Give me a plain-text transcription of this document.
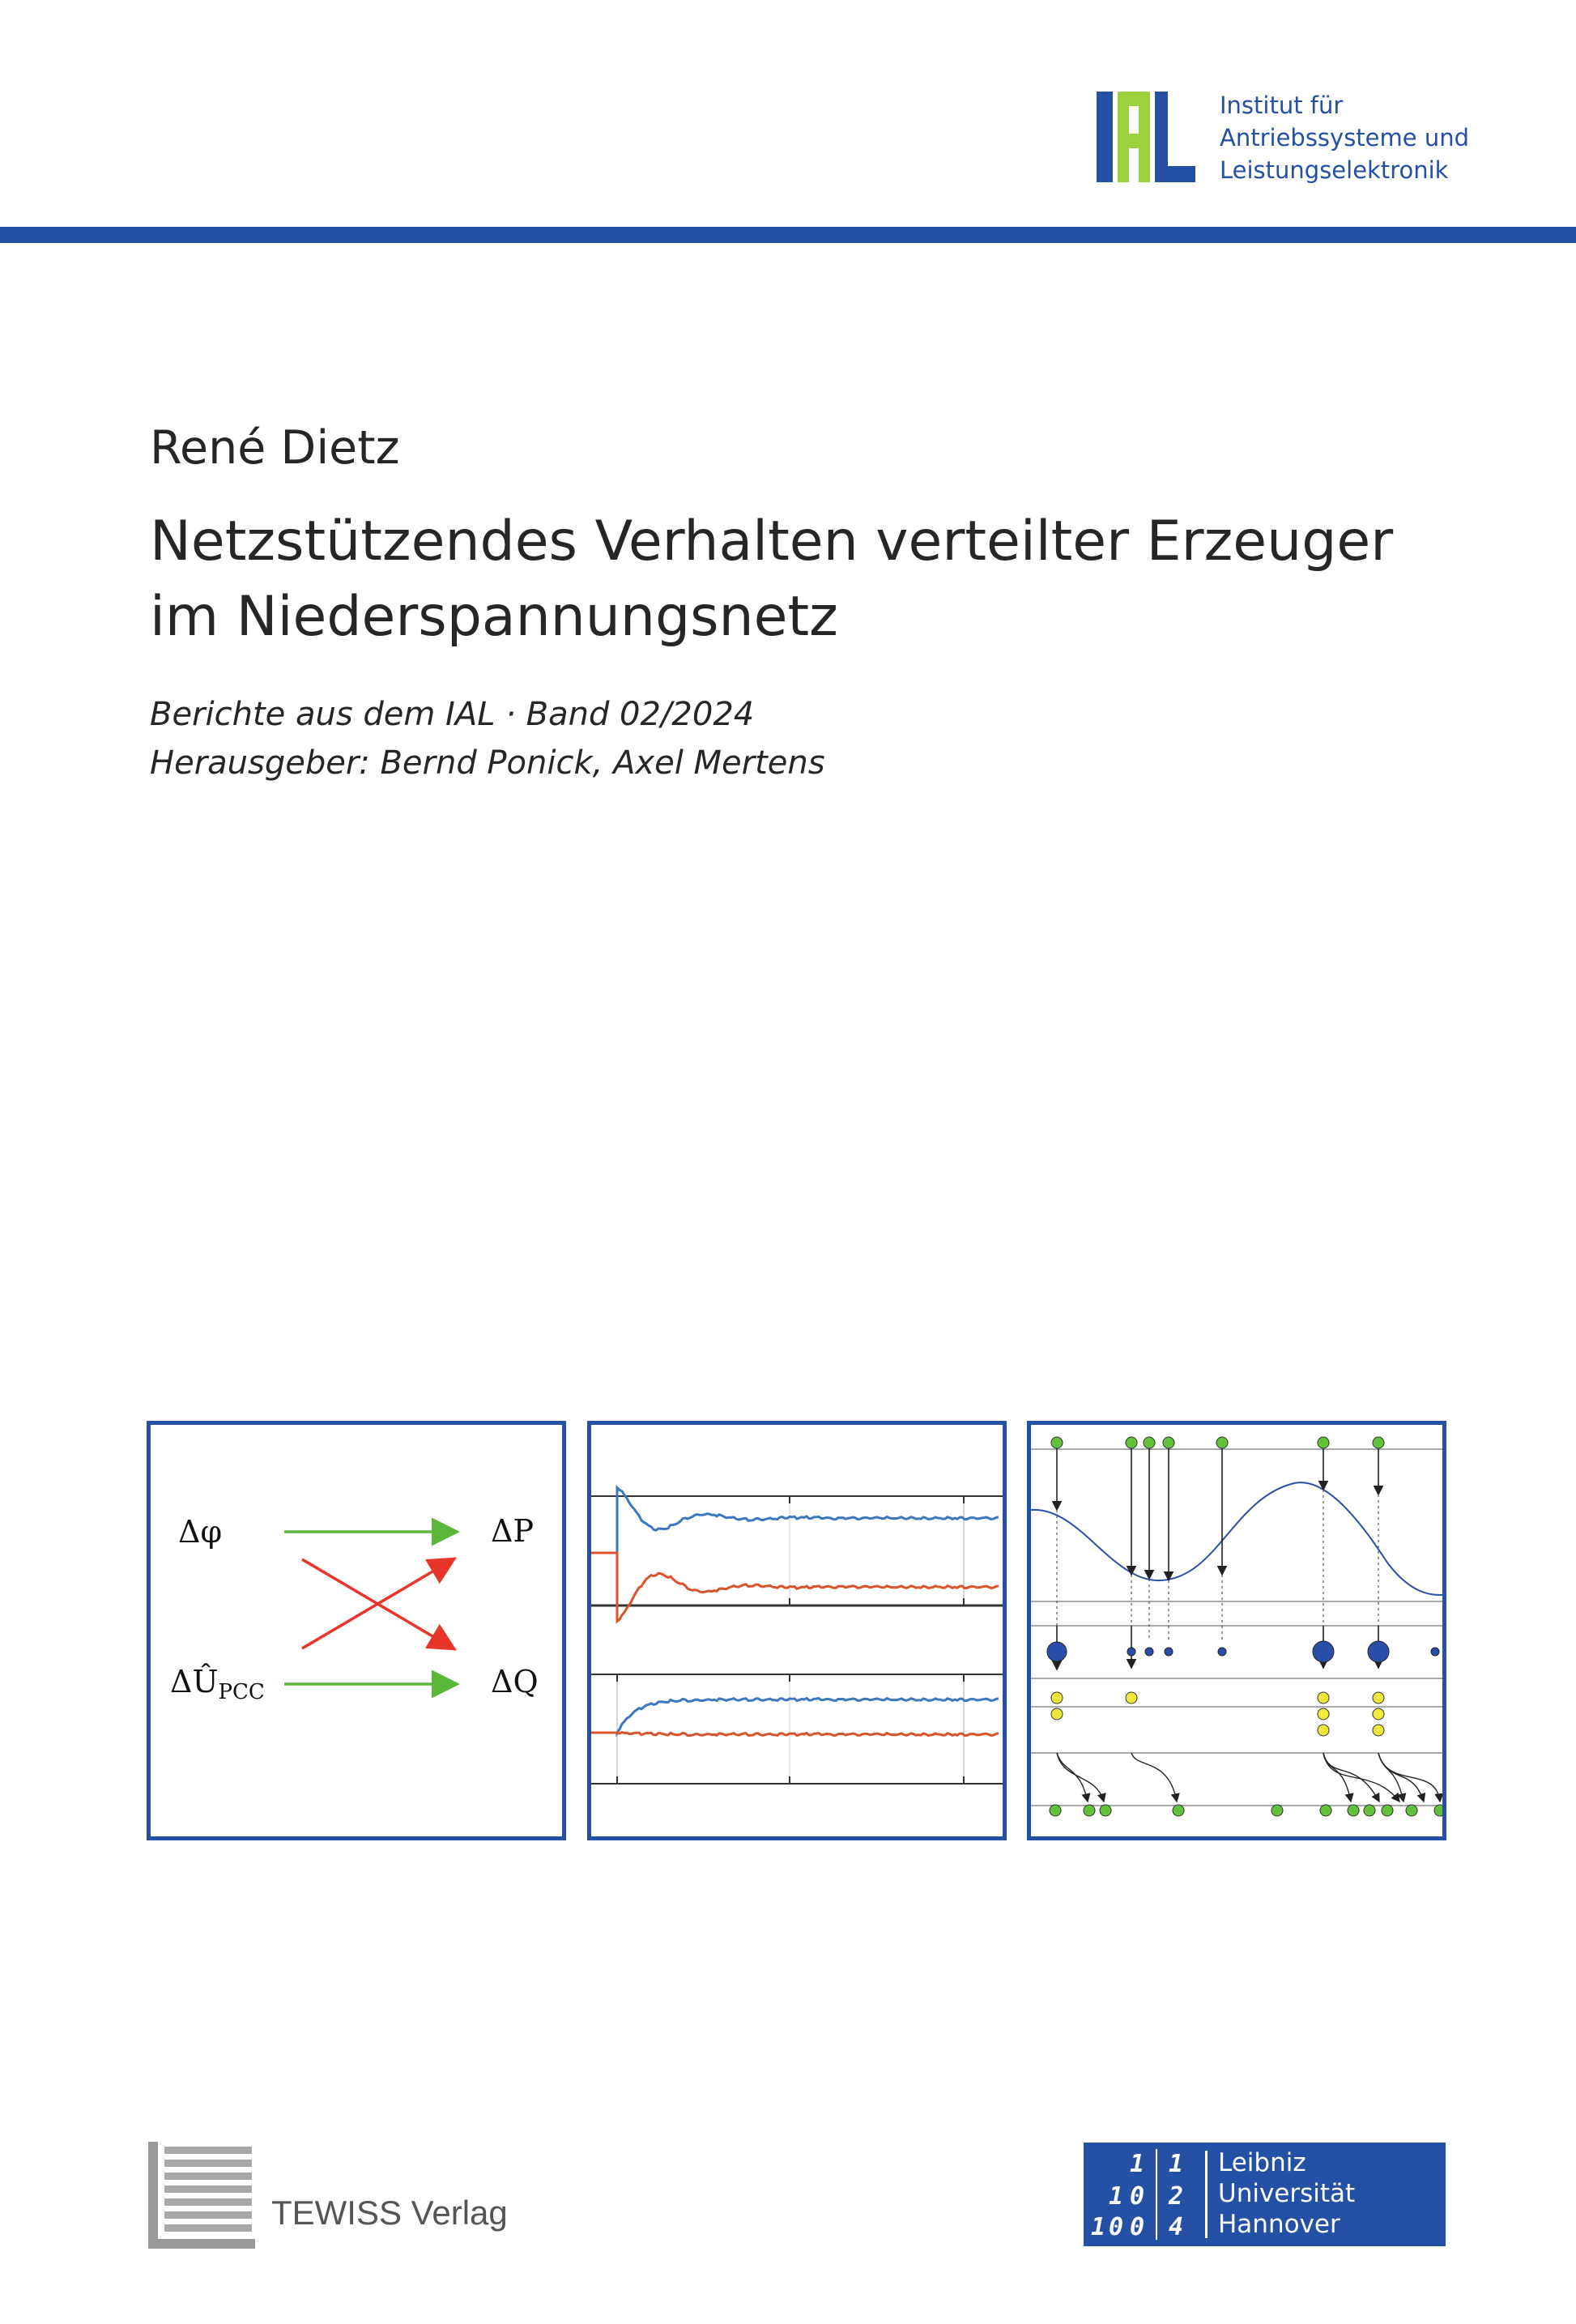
Institut für
Antriebssysteme und
Leistungselektronik
René Dietz
Netzstützendes Verhalten verteilter Erzeuger im Niederspannungsnetz
Berichte aus dem IAL · Band 02/2024
Herausgeber: Bernd Ponick, Axel Mertens
Δφ
$\Delta Û_{PCC}$
ΔP
ΔQ
TEWISS Verlag
1 1
1 0 2
1 0 0 4
Leibniz
Universität
Hannover
